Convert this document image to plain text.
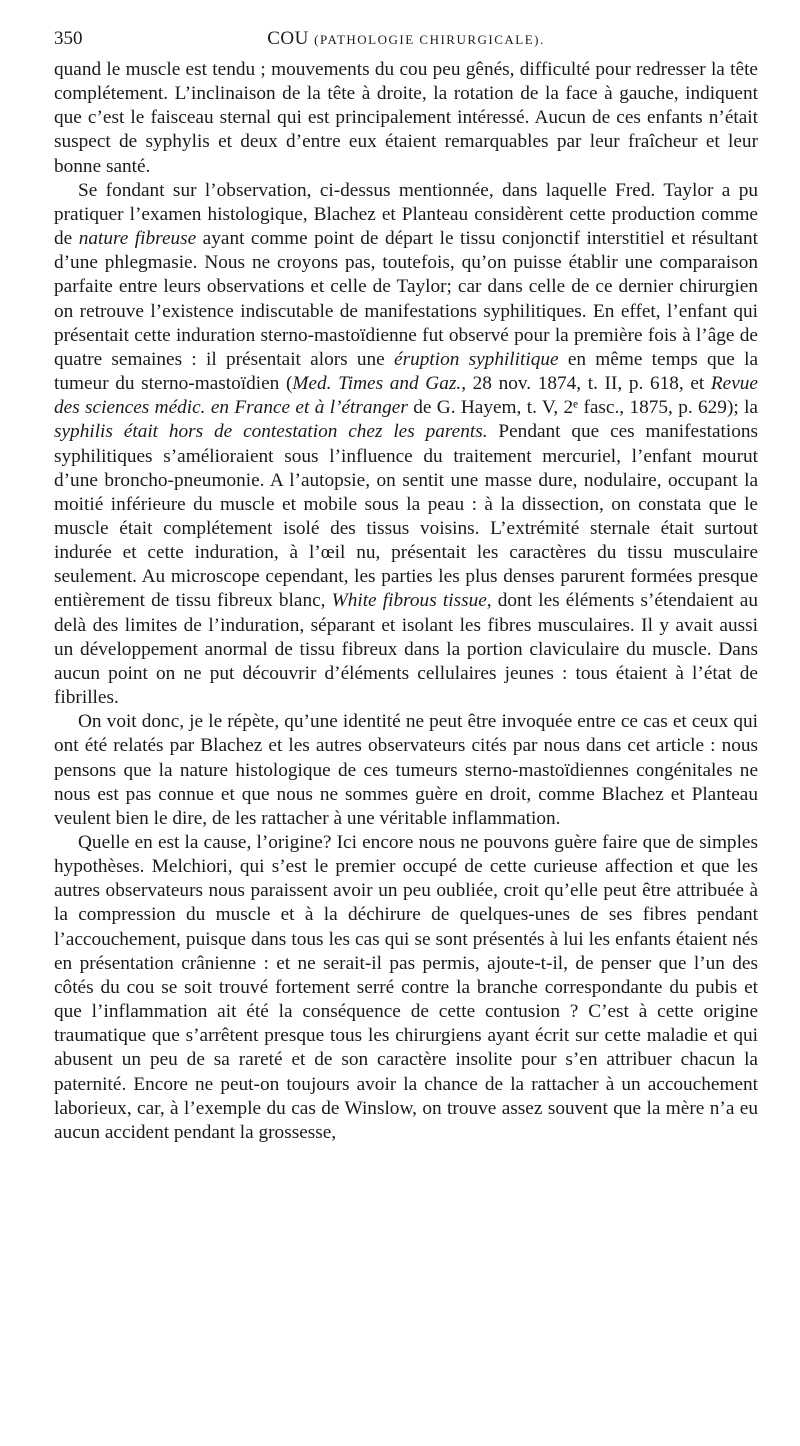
350	COU (PATHOLOGIE CHIRURGICALE).

quand le muscle est tendu ; mouvements du cou peu gênés, difficulté pour redresser la tête complétement. L’inclinaison de la tête à droite, la rotation de la face à gauche, indiquent que c’est le faisceau sternal qui est principalement intéressé. Aucun de ces enfants n’était suspect de syphylis et deux d’entre eux étaient remarquables par leur fraîcheur et leur bonne santé.

Se fondant sur l’observation, ci-dessus mentionnée, dans laquelle Fred. Taylor a pu pratiquer l’examen histologique, Blachez et Planteau considèrent cette production comme de nature fibreuse ayant comme point de départ le tissu conjonctif interstitiel et résultant d’une phlegmasie. Nous ne croyons pas, toutefois, qu’on puisse établir une comparaison parfaite entre leurs observations et celle de Taylor; car dans celle de ce dernier chirurgien on retrouve l’existence indiscutable de manifestations syphilitiques. En effet, l’enfant qui présentait cette induration sterno-mastoïdienne fut observé pour la première fois à l’âge de quatre semaines : il présentait alors une éruption syphilitique en même temps que la tumeur du sterno-mastoïdien (Med. Times and Gaz., 28 nov. 1874, t. II, p. 618, et Revue des sciences médic. en France et à l’étranger de G. Hayem, t. V, 2ᵉ fasc., 1875, p. 629); la syphilis était hors de contestation chez les parents. Pendant que ces manifestations syphilitiques s’amélioraient sous l’influence du traitement mercuriel, l’enfant mourut d’une broncho-pneumonie. A l’autopsie, on sentit une masse dure, nodulaire, occupant la moitié inférieure du muscle et mobile sous la peau : à la dissection, on constata que le muscle était complétement isolé des tissus voisins. L’extrémité sternale était surtout indurée et cette induration, à l’œil nu, présentait les caractères du tissu musculaire seulement. Au microscope cependant, les parties les plus denses parurent formées presque entièrement de tissu fibreux blanc, White fibrous tissue, dont les éléments s’étendaient au delà des limites de l’induration, séparant et isolant les fibres musculaires. Il y avait aussi un développement anormal de tissu fibreux dans la portion claviculaire du muscle. Dans aucun point on ne put découvrir d’éléments cellulaires jeunes : tous étaient à l’état de fibrilles.

On voit donc, je le répète, qu’une identité ne peut être invoquée entre ce cas et ceux qui ont été relatés par Blachez et les autres observateurs cités par nous dans cet article : nous pensons que la nature histologique de ces tumeurs sterno-mastoïdiennes congénitales ne nous est pas connue et que nous ne sommes guère en droit, comme Blachez et Planteau veulent bien le dire, de les rattacher à une véritable inflammation.

Quelle en est la cause, l’origine? Ici encore nous ne pouvons guère faire que de simples hypothèses. Melchiori, qui s’est le premier occupé de cette curieuse affection et que les autres observateurs nous paraissent avoir un peu oubliée, croit qu’elle peut être attribuée à la compression du muscle et à la déchirure de quelques-unes de ses fibres pendant l’accouchement, puisque dans tous les cas qui se sont présentés à lui les enfants étaient nés en présentation crânienne : et ne serait-il pas permis, ajoute-t-il, de penser que l’un des côtés du cou se soit trouvé fortement serré contre la branche correspondante du pubis et que l’inflammation ait été la conséquence de cette contusion ? C’est à cette origine traumatique que s’arrêtent presque tous les chirurgiens ayant écrit sur cette maladie et qui abusent un peu de sa rareté et de son caractère insolite pour s’en attribuer chacun la paternité. Encore ne peut-on toujours avoir la chance de la rattacher à un accouchement laborieux, car, à l’exemple du cas de Winslow, on trouve assez souvent que la mère n’a eu aucun accident pendant la grossesse,
